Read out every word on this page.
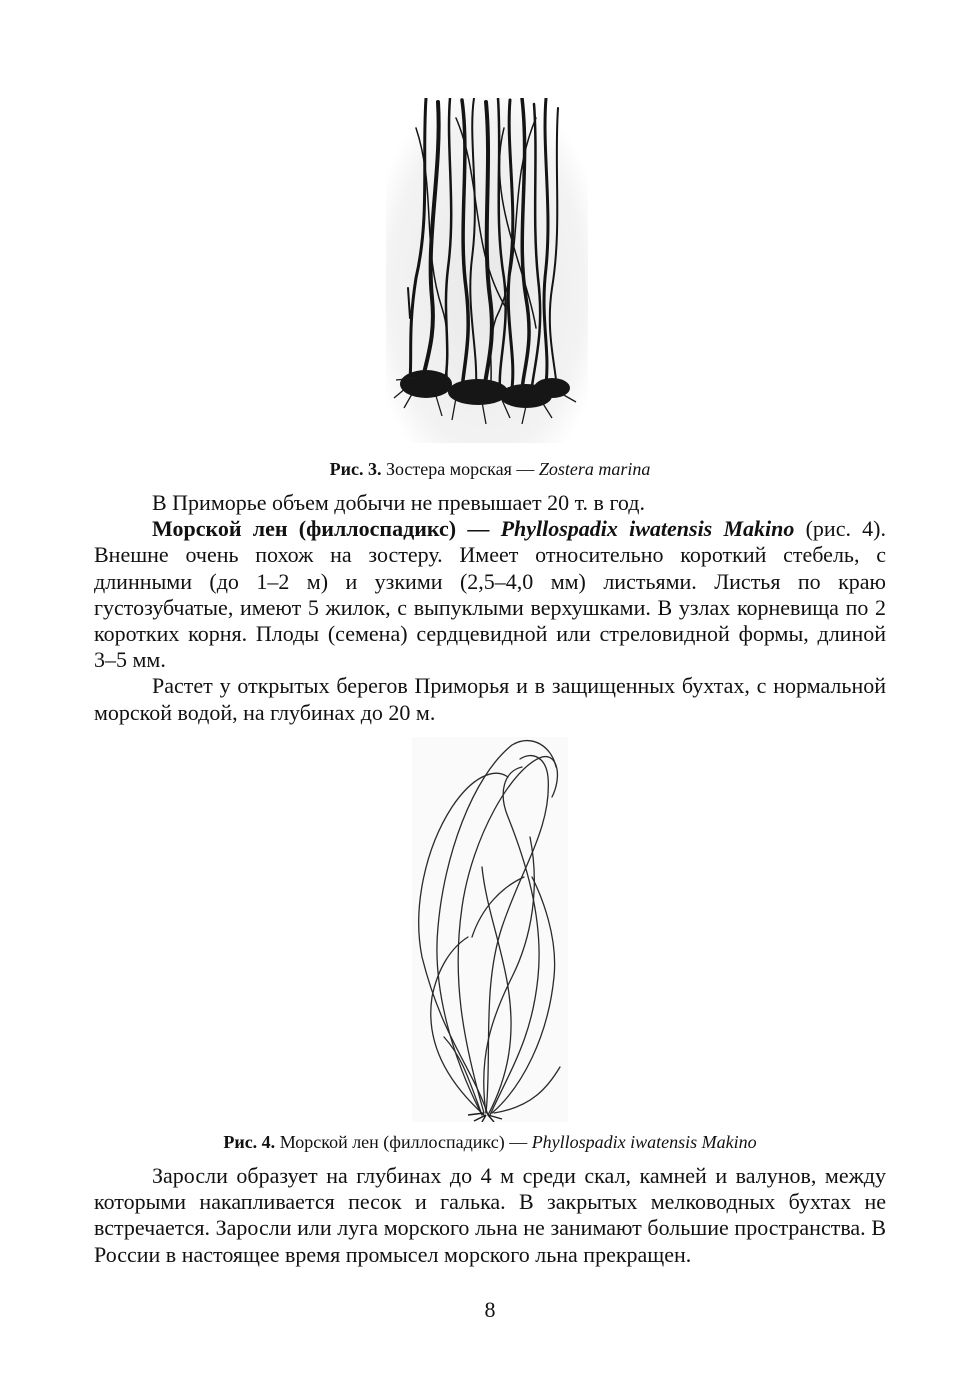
Рис. 3. Зостера морская — Zostera marina

В Приморье объем добычи не превышает 20 т. в год.

Морской лен (филлоспадикс) — Phyllospadix iwatensis Makino (рис. 4). Внешне очень похож на зостеру. Имеет относительно короткий стебель, с длинными (до 1–2 м) и узкими (2,5–4,0 мм) листьями. Листья по краю густозубчатые, имеют 5 жилок, с выпуклыми верхушками. В узлах корневища по 2 коротких корня. Плоды (семена) сердцевидной или стреловидной формы, длиной 3–5 мм.

Растет у открытых берегов Приморья и в защищенных бухтах, с нормальной морской водой, на глубинах до 20 м.

Рис. 4. Морской лен (филлоспадикс) — Phyllospadix iwatensis Makino

Заросли образует на глубинах до 4 м среди скал, камней и валунов, между которыми накапливается песок и галька. В закрытых мелководных бухтах не встречается. Заросли или луга морского льна не занимают большие пространства. В России в настоящее время промысел морского льна прекращен.

8
